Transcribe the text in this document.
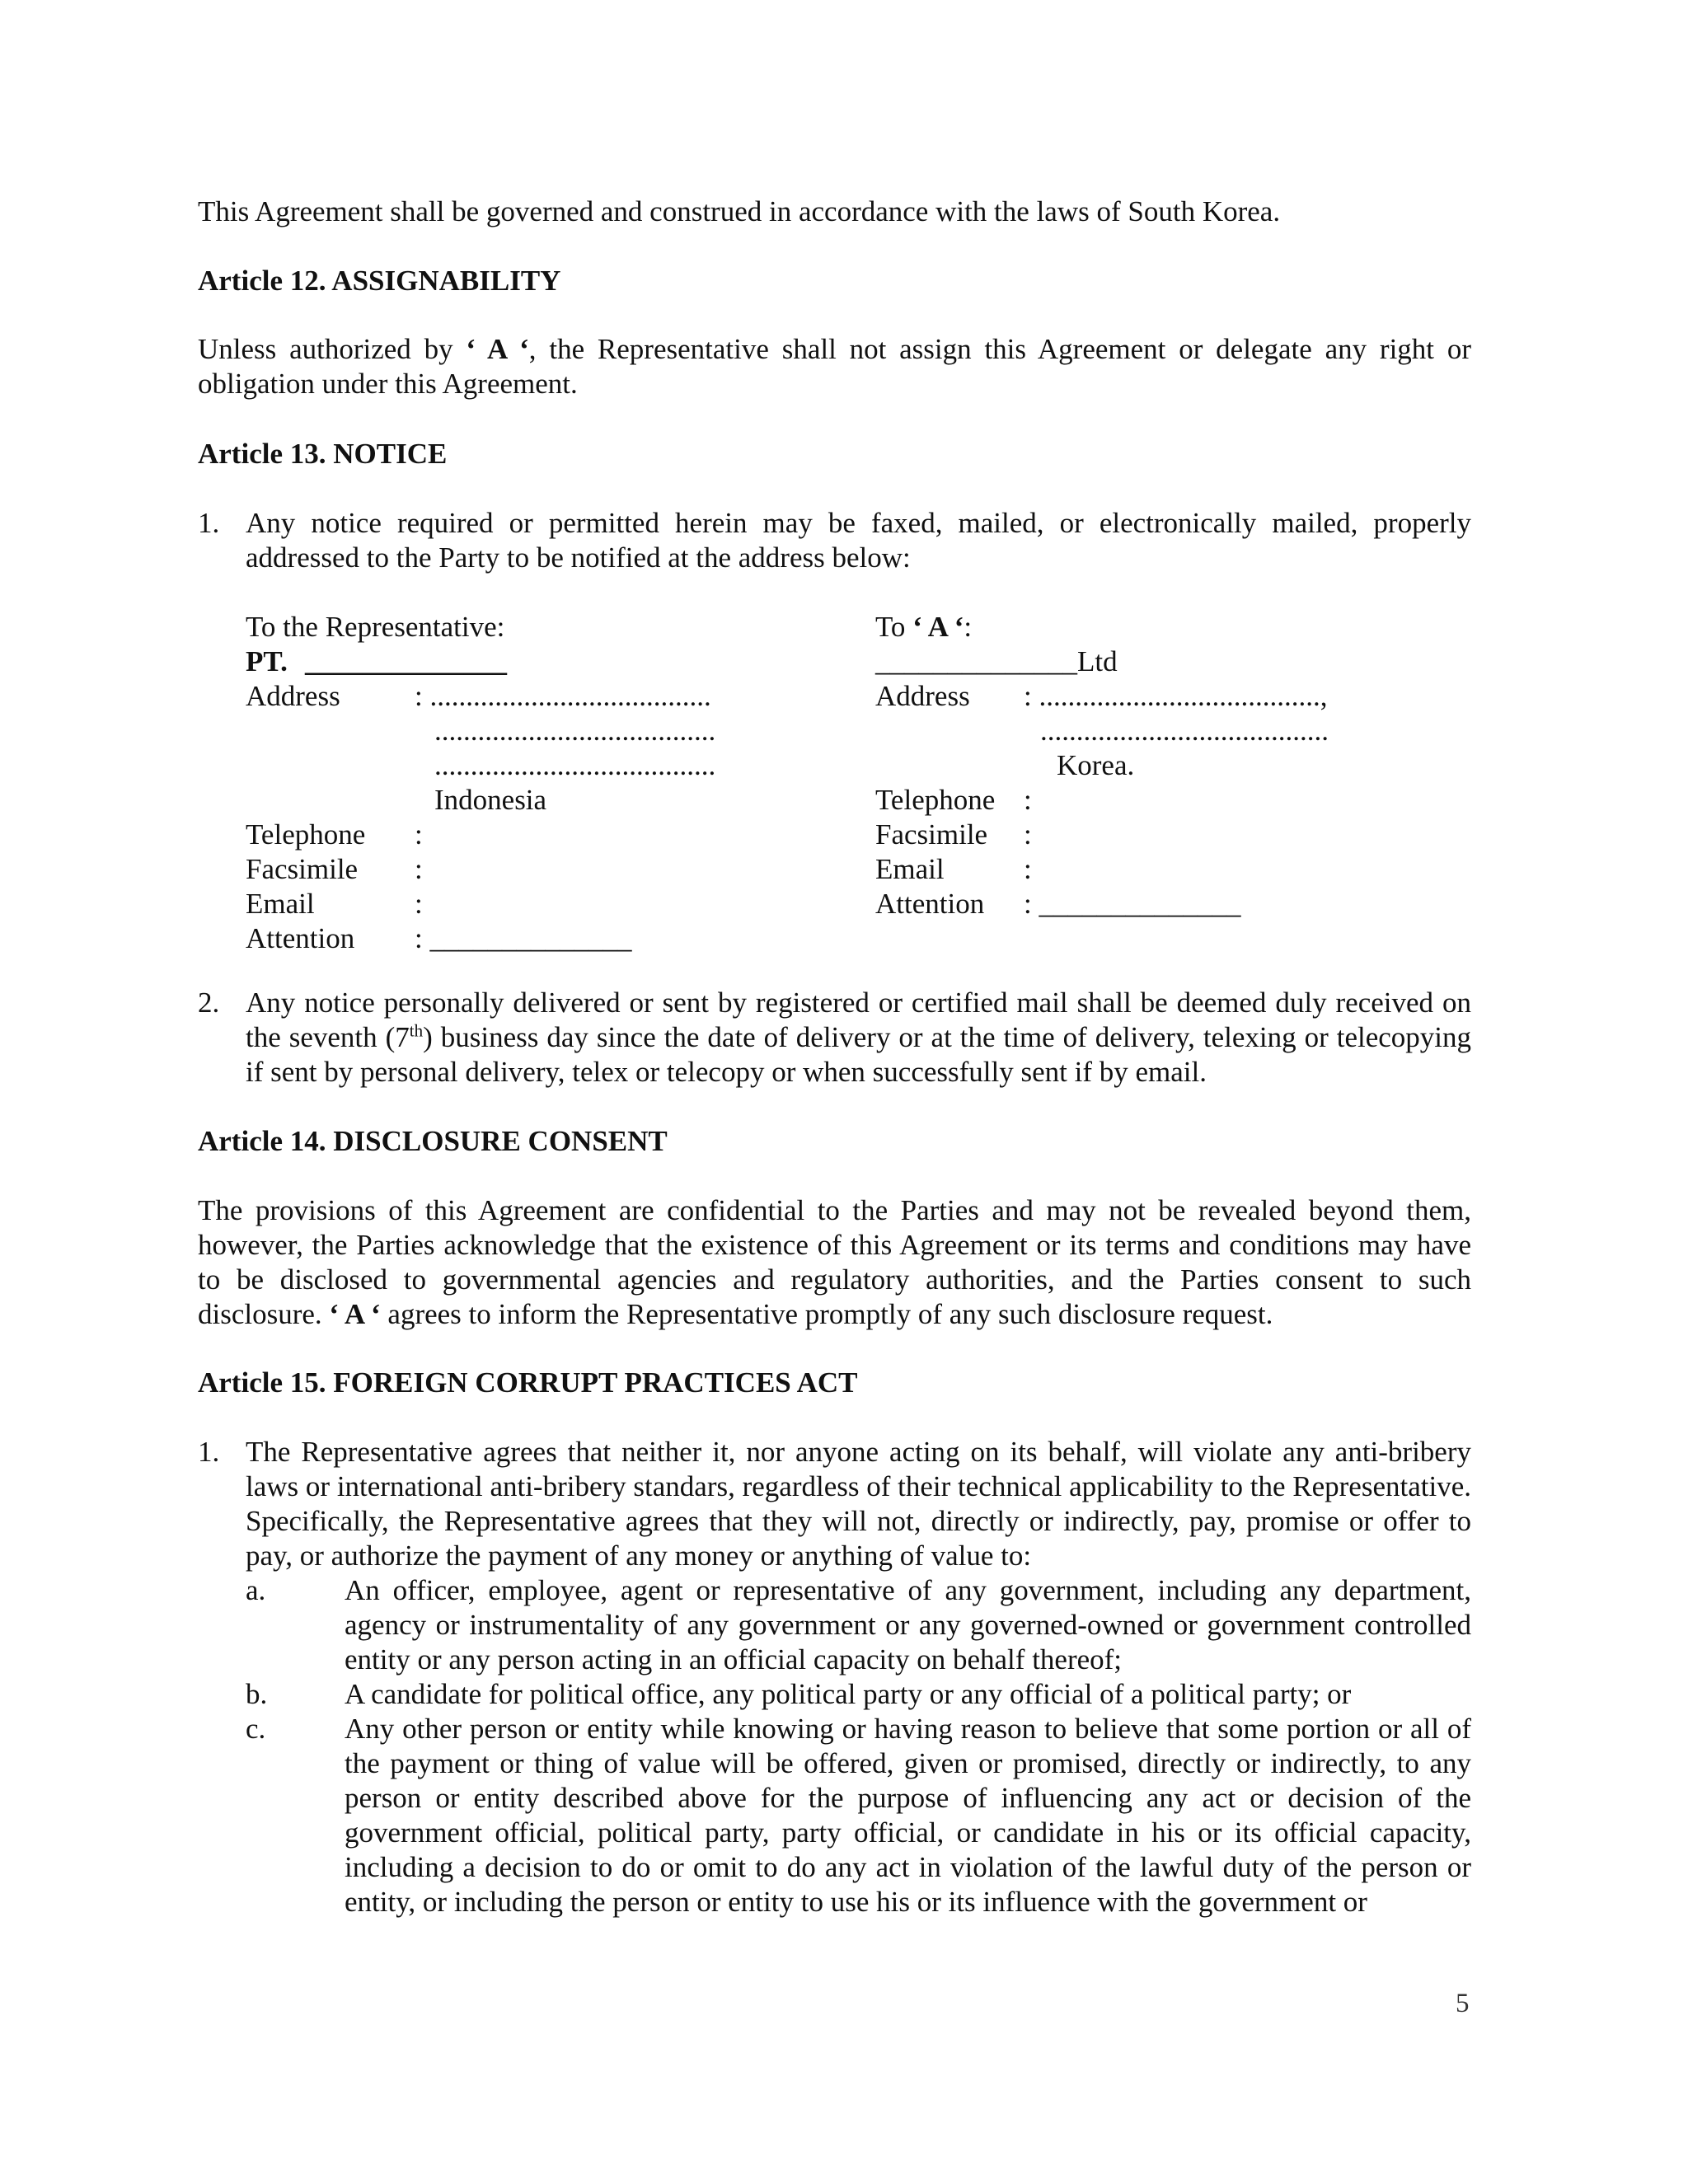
This Agreement shall be governed and construed in accordance with the laws of South Korea.

Article 12. ASSIGNABILITY

Unless authorized by ‘ A ‘, the Representative shall not assign this Agreement or delegate any right or obligation under this Agreement.

Article 13. NOTICE

1. Any notice required or permitted herein may be faxed, mailed, or electronically mailed, properly addressed to the Party to be notified at the address below:

To the Representative:
PT. ______________
Address	: .......................................
.......................................
.......................................
Indonesia
Telephone :
Facsimile :
Email	:
Attention : ______________
To ‘ A ‘:
______________Ltd
Address : .......................................,
........................................
Korea.
Telephone :
Facsimile :
Email	:
Attention : ______________
2. Any notice personally delivered or sent by registered or certified mail shall be deemed duly received on the seventh (7th) business day since the date of delivery or at the time of delivery, telexing or telecopying if sent by personal delivery, telex or telecopy or when successfully sent if by email.

Article 14. DISCLOSURE CONSENT

The provisions of this Agreement are confidential to the Parties and may not be revealed beyond them, however, the Parties acknowledge that the existence of this Agreement or its terms and conditions may have to be disclosed to governmental agencies and regulatory authorities, and the Parties consent to such disclosure. ‘ A ‘ agrees to inform the Representative promptly of any such disclosure request.

Article 15. FOREIGN CORRUPT PRACTICES ACT

1. The Representative agrees that neither it, nor anyone acting on its behalf, will violate any anti-bribery laws or international anti-bribery standars, regardless of their technical applicability to the Representative. Specifically, the Representative agrees that they will not, directly or indirectly, pay, promise or offer to pay, or authorize the payment of any money or anything of value to:

a.	An officer, employee, agent or representative of any government, including any department, agency or instrumentality of any government or any governed-owned or government controlled entity or any person acting in an official capacity on behalf thereof;

b.	A candidate for political office, any political party or any official of a political party; or

c.	Any other person or entity while knowing or having reason to believe that some portion or all of the payment or thing of value will be offered, given or promised, directly or indirectly, to any person or entity described above for the purpose of influencing any act or decision of the government official, political party, party official, or candidate in his or its official capacity, including a decision to do or omit to do any act in violation of the lawful duty of the person or entity, or including the person or entity to use his or its influence with the government or

5
